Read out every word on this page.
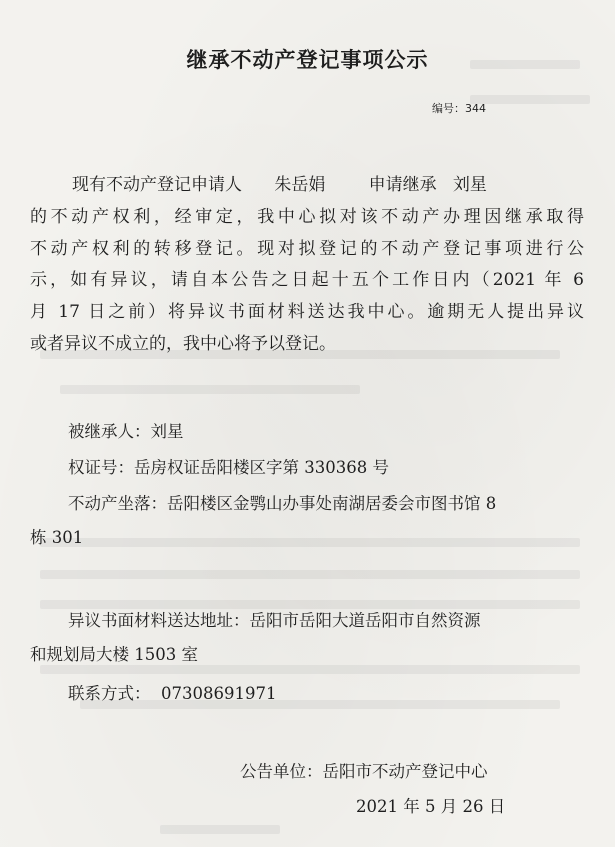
继承不动产登记事项公示
编号：344
现有不动产登记申请人      朱岳娟        申请继承   刘星
的不动产权利，经审定，我中心拟对该不动产办理因继承取得
不动产权利的转移登记。现对拟登记的不动产登记事项进行公
示，如有异议，请自本公告之日起十五个工作日内（2021 年 6
月 17 日之前）将异议书面材料送达我中心。逾期无人提出异议
或者异议不成立的，我中心将予以登记。
被继承人：刘星
权证号：岳房权证岳阳楼区字第 330368 号
不动产坐落：岳阳楼区金鹗山办事处南湖居委会市图书馆 8
栋 301
异议书面材料送达地址：岳阳市岳阳大道岳阳市自然资源
和规划局大楼 1503 室
联系方式：  07308691971
公告单位：岳阳市不动产登记中心
2021 年 5 月 26 日
